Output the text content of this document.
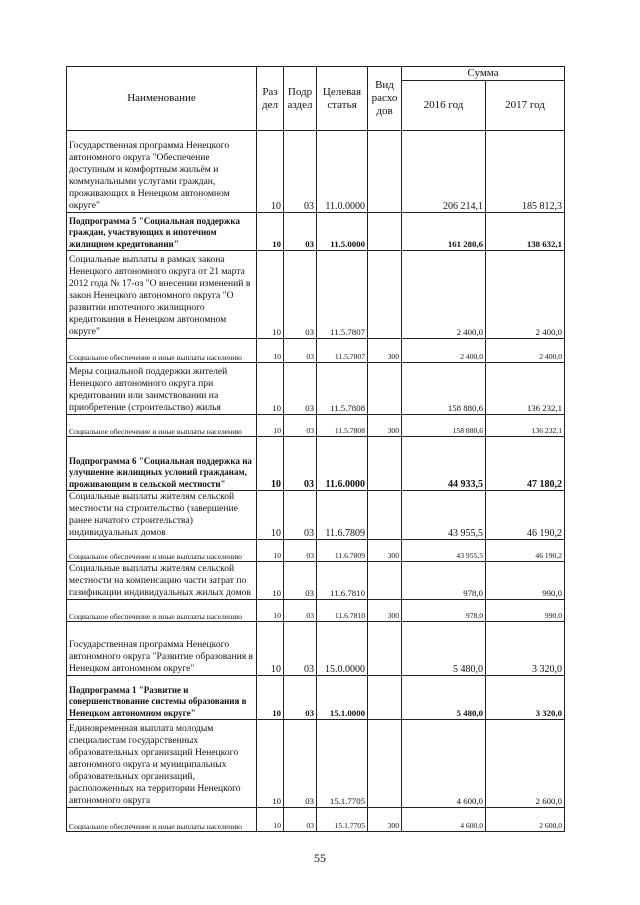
Наименование	Раз дел	Подр аздел	Целевая статья	Вид расхо дов	Сумма	
					2016 год	2017 год
Государственная программа Ненецкого автономного округа "Обеспечение доступным и комфортным жильём и коммунальными услугами граждан, проживающих в Ненецком автономном округе"	10	03	11.0.0000		206 214,1	185 812,3
Подпрограмма 5 "Социальная поддержка граждан, участвующих в ипотечном жилищном кредитовании"	10	03	11.5.0000		161 280,6	138 632,1
Социальные выплаты в рамках закона Ненецкого автономного округа от 21 марта 2012 года № 17-оз "О внесении изменений в закон Ненецкого автономного округа "О развитии ипотечного жилищного кредитования в Ненецком автономном округе"	10	03	11.5.7807		2 400,0	2 400,0
Социальное обеспечение и иные выплаты населению	10	03	11.5.7807	300	2 400,0	2 400,0
Меры социальной поддержки жителей Ненецкого автономного округа при кредитовании или заимствовании на приобретение (строительство) жилья	10	03	11.5.7808		158 880,6	136 232,1
Социальное обеспечение и иные выплаты населению	10	03	11.5.7808	300	158 880,6	136 232,1
Подпрограмма 6 "Социальная поддержка на улучшение жилищных условий гражданам, проживающим в сельской местности"	10	03	11.6.0000		44 933,5	47 180,2
Социальные выплаты жителям сельской местности на строительство (завершение ранее начатого строительства) индивидуальных домов	10	03	11.6.7809		43 955,5	46 190,2
Социальное обеспечение и иные выплаты населению	10	03	11.6.7809	300	43 955,5	46 190,2
Социальные выплаты жителям сельской местности на компенсацию части затрат по газификации индивидуальных жилых домов	10	03	11.6.7810		978,0	990,0
Социальное обеспечение и иные выплаты населению	10	03	11.6.7810	300	978,0	990,0
Государственная программа Ненецкого автономного округа "Развитие образования в Ненецком автономном округе"	10	03	15.0.0000		5 480,0	3 320,0
Подпрограмма 1 "Развитие и совершенствование системы образования в Ненецком автономном округе"	10	03	15.1.0000		5 480,0	3 320,0
Единовременная выплата молодым специалистам государственных образовательных организаций Ненецкого автономного округа и муниципальных образовательных организаций, расположенных на территории Ненецкого автономного округа	10	03	15.1.7705		4 600,0	2 600,0
Социальное обеспечение и иные выплаты населению	10	03	15.1.7705	300	4 600,0	2 600,0
55
